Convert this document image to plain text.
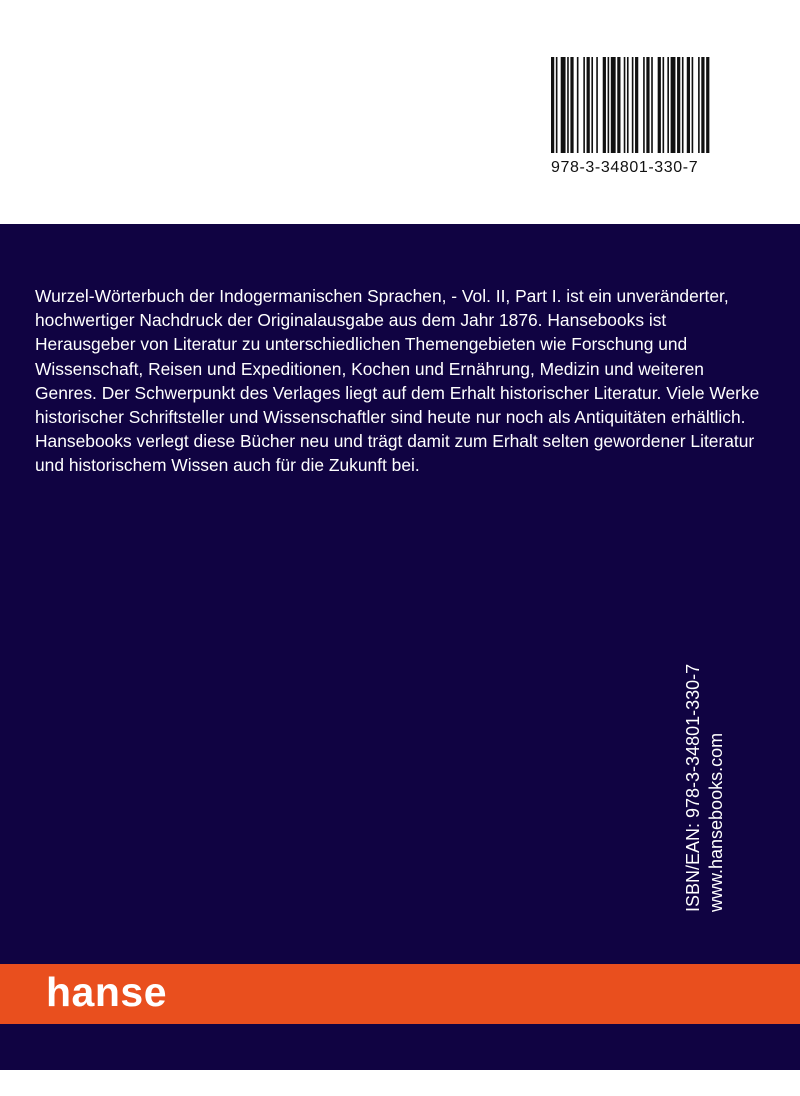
978-3-34801-330-7

Wurzel-Wörterbuch der Indogermanischen Sprachen, - Vol. II, Part I. ist ein unveränderter, hochwertiger Nachdruck der Originalausgabe aus dem Jahr 1876. Hansebooks ist Herausgeber von Literatur zu unterschiedlichen Themengebieten wie Forschung und Wissenschaft, Reisen und Expeditionen, Kochen und Ernährung, Medizin und weiteren Genres. Der Schwerpunkt des Verlages liegt auf dem Erhalt historischer Literatur. Viele Werke historischer Schriftsteller und Wissenschaftler sind heute nur noch als Antiquitäten erhältlich. Hansebooks verlegt diese Bücher neu und trägt damit zum Erhalt selten gewordener Literatur und historischem Wissen auch für die Zukunft bei.

ISBN/EAN: 978-3-34801-330-7 www.hansebooks.com
hanse
